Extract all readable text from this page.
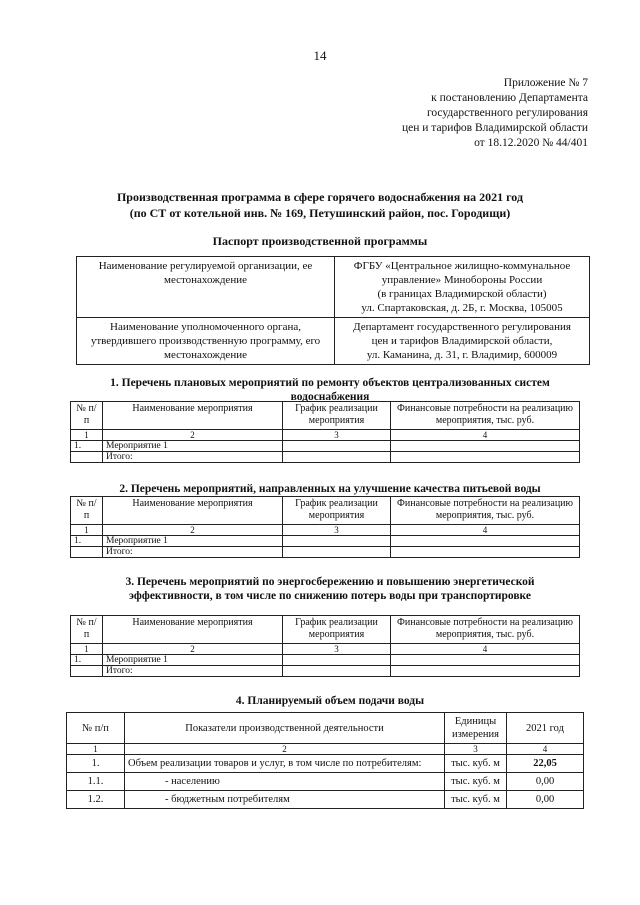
14
Приложение № 7
к постановлению Департамента
государственного регулирования
цен и тарифов Владимирской области
от 18.12.2020 № 44/401
Производственная программа в сфере горячего водоснабжения на 2021 год
(по СТ от котельной инв. № 169, Петушинский район, пос. Городищи)
Паспорт производственной программы
Наименование регулируемой организации, ее местонахождение	ФГБУ «Центральное жилищно-коммунальное
управление» Минобороны России
(в границах Владимирской области)
ул. Спартаковская, д. 2Б, г. Москва, 105005

Наименование уполномоченного органа, утвердившего производственную программу, его местонахождение	Департамент государственного регулирования
цен и тарифов Владимирской области,
ул. Каманина, д. 31, г. Владимир, 600009
1. Перечень плановых мероприятий по ремонту объектов централизованных систем
водоснабжения
№ п/п	Наименование мероприятия	График реализации мероприятия	Финансовые потребности на реализацию мероприятия, тыс. руб.
1	2	3	4
1.	Мероприятие 1		
	Итого:		
2. Перечень мероприятий, направленных на улучшение качества питьевой воды
№ п/п	Наименование мероприятия	График реализации мероприятия	Финансовые потребности на реализацию мероприятия, тыс. руб.
1	2	3	4
1.	Мероприятие 1		
	Итого:		
3. Перечень мероприятий по энергосбережению и повышению энергетической
эффективности, в том числе по снижению потерь воды при транспортировке
№ п/п	Наименование мероприятия	График реализации мероприятия	Финансовые потребности на реализацию мероприятия, тыс. руб.
1	2	3	4
1.	Мероприятие 1		
	Итого:		
4. Планируемый объем подачи воды
№ п/п	Показатели производственной деятельности	Единицы измерения	2021 год
1	2	3	4
1.	Объем реализации товаров и услуг, в том числе по потребителям:	тыс. куб. м	22,05
1.1.	- населению	тыс. куб. м	0,00
1.2.	- бюджетным потребителям	тыс. куб. м	0,00
